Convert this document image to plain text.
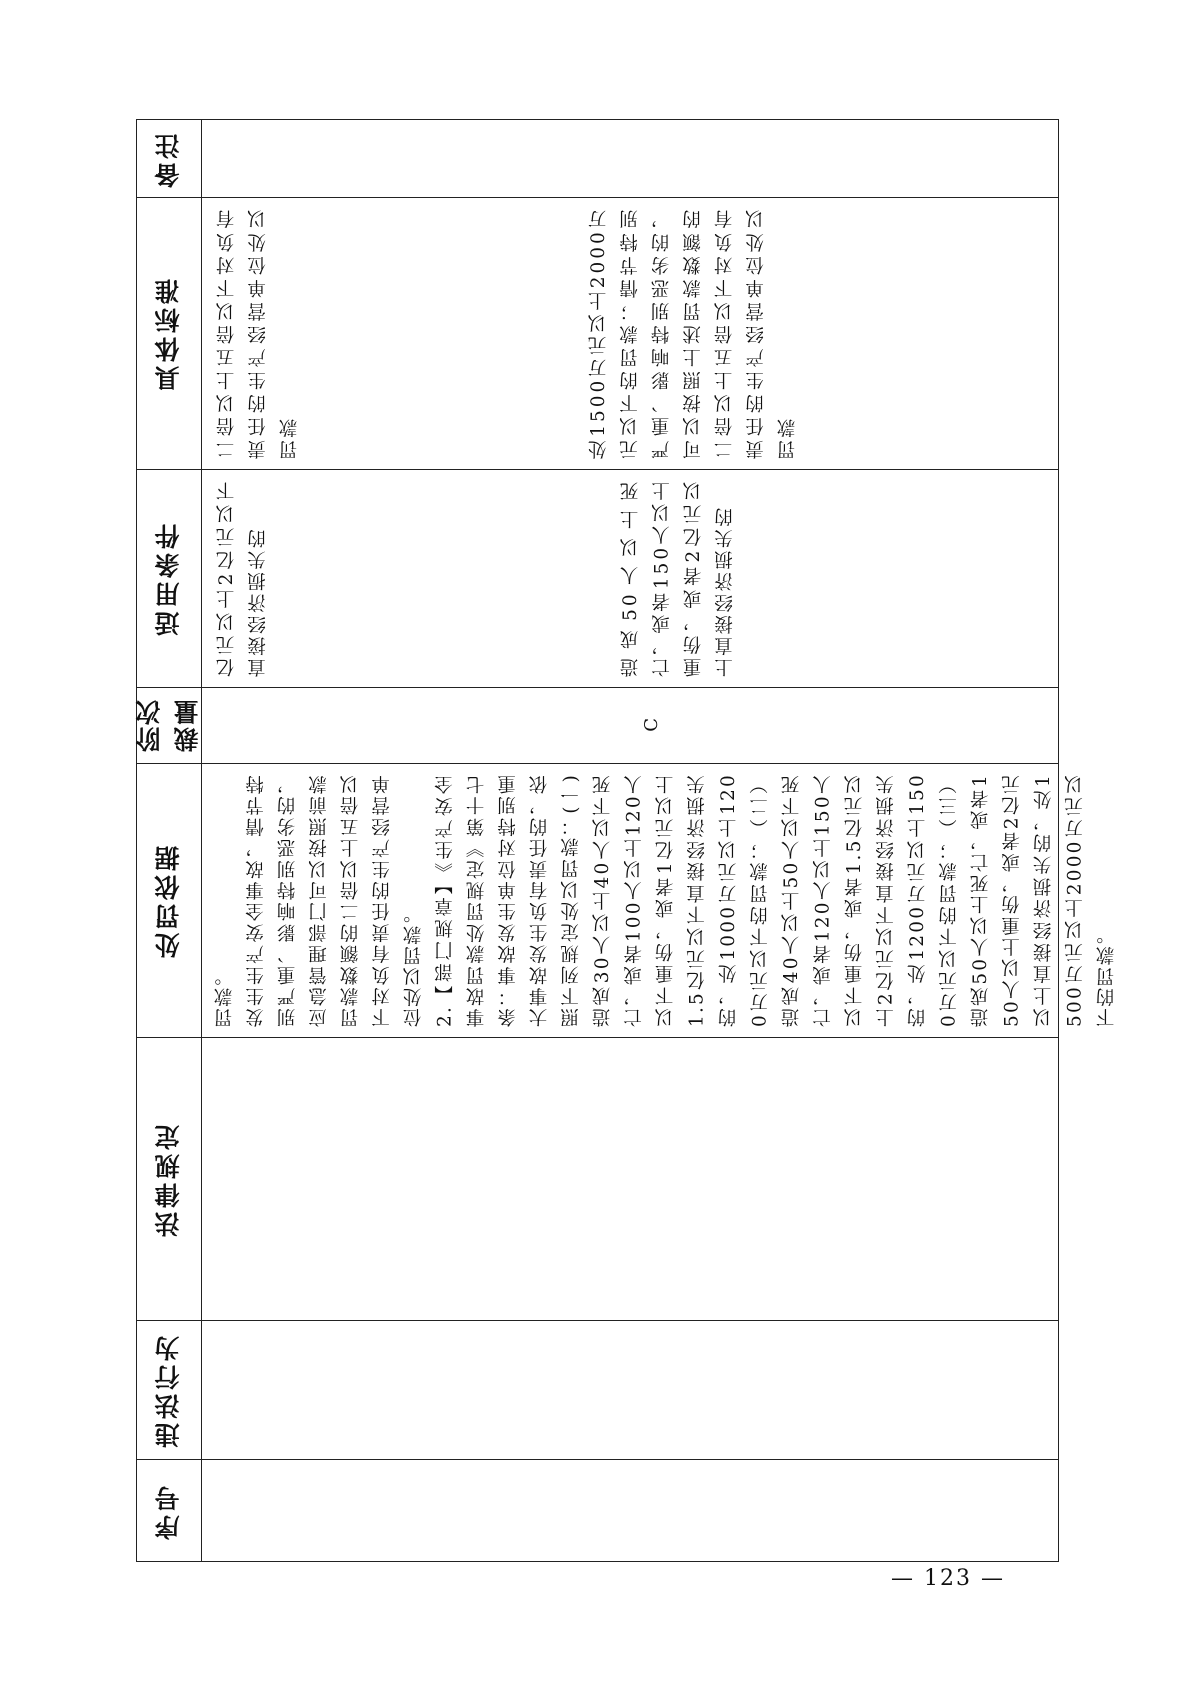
备注
具体标准
适用条件
裁量
阶次
处罚依据
法律规定
违法行为
序号
二倍以上五倍以下对负有责任的生产经营单位处以罚款	处1500万元以上2000万元以下的罚款；情节特别严重、影响特别恶劣的，可以按照上述罚款数额的二倍以上五倍以下对负有责任的生产经营单位处以罚款
亿元以上2亿元以下直接经济损失的	造成50人以上死亡，或者150人以上重伤，或者2亿元以上直接经济损失的
C
罚款。
发生生产安全事故，情节特别严重、影响特别恶劣的，应急管理部门可以按照前款罚款数额的二倍以上五倍以下对负有责任的生产经营单位处以罚款。
2.【部门规章】《生产安全事故罚款处罚规定》第十七条：事故发生单位对特别重大事故发生负有责任的，依照下列规定处以罚款：(一)造成30人以上40人以下死亡，或者100人以上120人以下重伤，或者1亿元以上1.5亿元以下直接经济损失的，处1000万元以上1200万元以下的罚款；（二）造成40人以上50人以下死亡，或者120人以上150人以下重伤，或者1.5亿元以上2亿元以下直接经济损失的，处1200万元以上1500万元以下的罚款；（三）造成50人以上死亡，或者150人以上重伤，或者2亿元以上直接经济损失的，处1500万元以上2000万元以下的罚款。
— 123 —
